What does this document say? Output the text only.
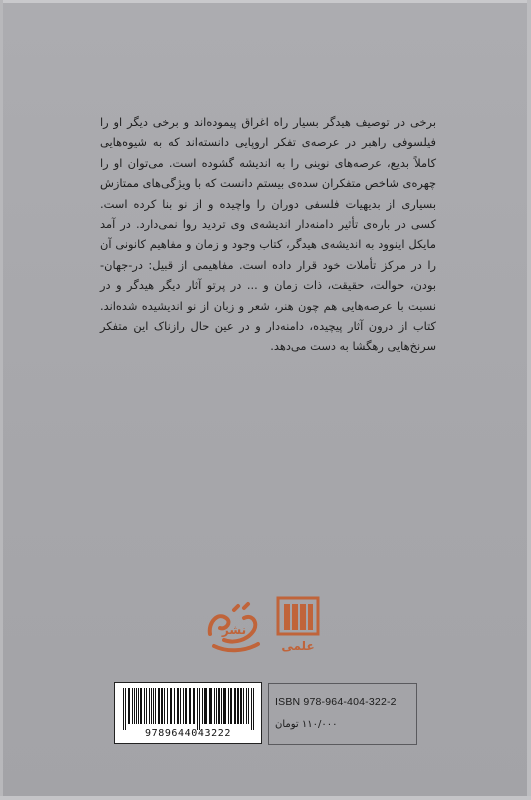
برخی در توصیف هیدگر بسیار راه اغراق پیموده‌اند و برخی دیگر او را فیلسوفی راهبر در عرصه‌ی تفکر اروپایی دانسته‌اند که به شیوه‌هایی کاملاً بدیع، عرصه‌های نوینی را به اندیشه گشوده است. می‌توان او را چهره‌ی شاخص متفکران سده‌ی بیستم دانست که با ویژگی‌های ممتازش بسیاری از بدیهیات فلسفی دوران را واچیده و از نو بنا کرده است. کسی در باره‌ی تأثیر دامنه‌دار اندیشه‌ی وی تردید روا نمی‌دارد. در آمد مایکل اینوود به اندیشه‌ی هیدگر، کتاب وجود و زمان و مفاهیم کانونی آن را در مرکز تأملات خود قرار داده است. مفاهیمی از قبیل: در-جهان-بودن، حوالت، حقیقت، ذات زمان و ... در پرتو آثار دیگر هیدگر و در نسبت با عرصه‌هایی هم چون هنر، شعر و زبان از نو اندیشیده شده‌اند. کتاب از درون آثار پیچیده، دامنه‌دار و در عین حال رازناک این متفکر سرنخ‌هایی رهگشا به دست می‌دهد.

نشر
علمی
9789644043222
ISBN 978-964-404-322-2
۱۱۰/۰۰۰ تومان
